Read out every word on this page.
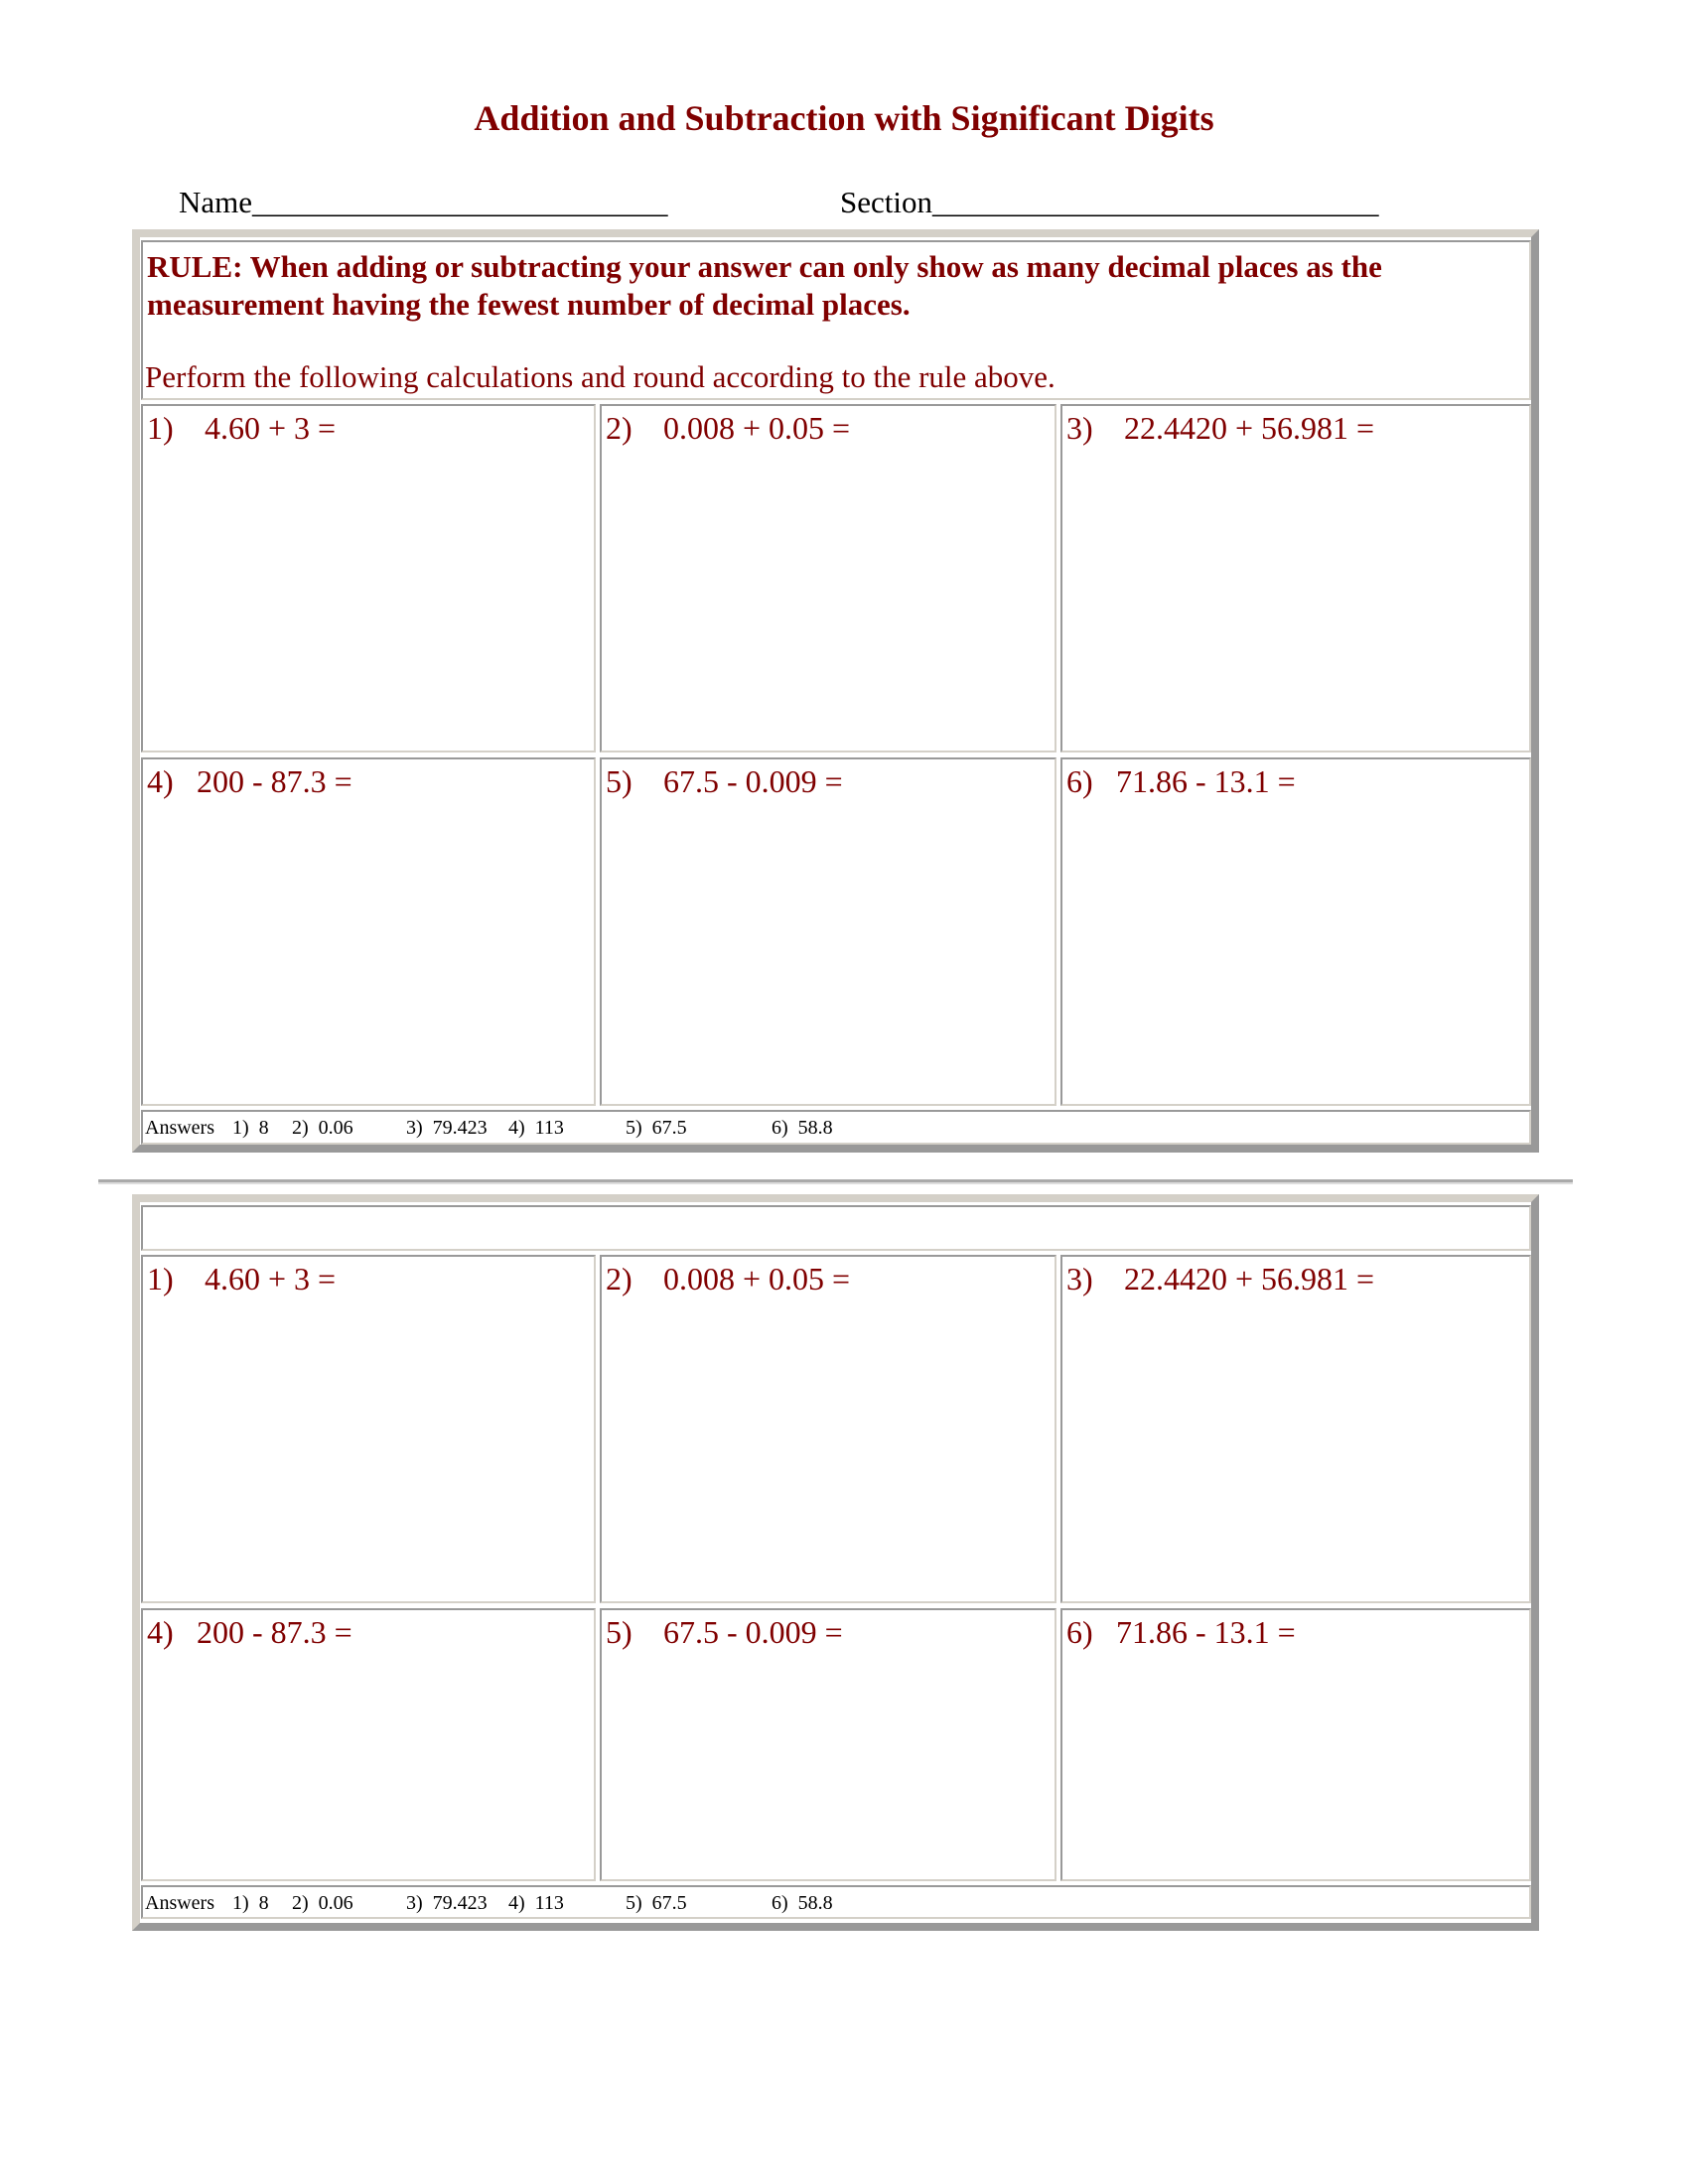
Addition and Subtraction with Significant Digits
Name___________________________	Section_____________________________
RULE: When adding or subtracting your answer can only show as many decimal places as the measurement having the fewest number of decimal places.
Perform the following calculations and round according to the rule above.
1) 4.60 + 3 =	2) 0.008 + 0.05 =	3) 22.4420 + 56.981 =
4) 200 - 87.3 =	5) 67.5 - 0.009 =	6) 71.86 - 13.1 =
Answers 1)  8 2)  0.06	3)  79.423 4)  113	5)  67.5	6)  58.8
1) 4.60 + 3 =	2) 0.008 + 0.05 =	3) 22.4420 + 56.981 =
4) 200 - 87.3 =	5) 67.5 - 0.009 =	6) 71.86 - 13.1 =
Answers 1)  8 2)  0.06	3)  79.423 4)  113	5)  67.5	6)  58.8
